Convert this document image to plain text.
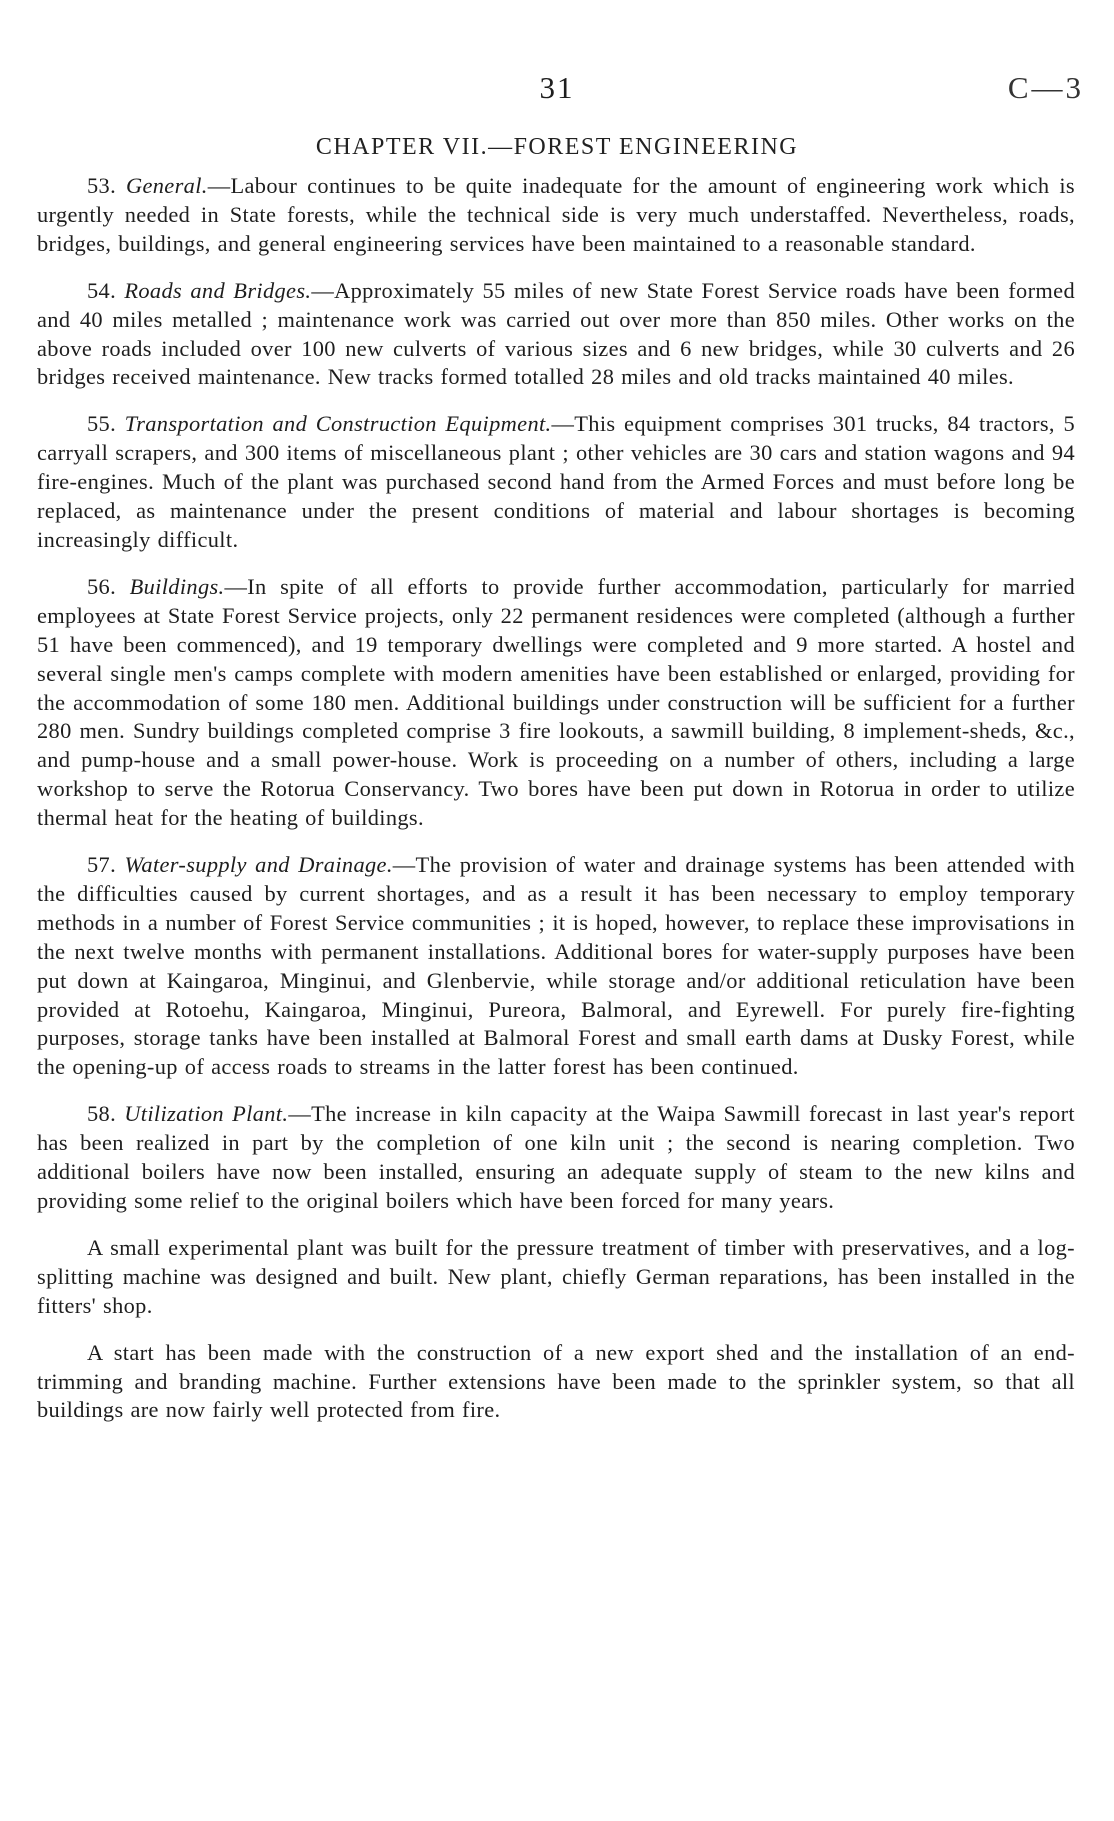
31	C—3
CHAPTER VII.—FOREST ENGINEERING

53. General.—Labour continues to be quite inadequate for the amount of engineering work which is urgently needed in State forests, while the technical side is very much understaffed. Nevertheless, roads, bridges, buildings, and general engineering services have been maintained to a reasonable standard.

54. Roads and Bridges.—Approximately 55 miles of new State Forest Service roads have been formed and 40 miles metalled ; maintenance work was carried out over more than 850 miles. Other works on the above roads included over 100 new culverts of various sizes and 6 new bridges, while 30 culverts and 26 bridges received maintenance. New tracks formed totalled 28 miles and old tracks maintained 40 miles.

55. Transportation and Construction Equipment.—This equipment comprises 301 trucks, 84 tractors, 5 carryall scrapers, and 300 items of miscellaneous plant ; other vehicles are 30 cars and station wagons and 94 fire-engines. Much of the plant was purchased second hand from the Armed Forces and must before long be replaced, as maintenance under the present conditions of material and labour shortages is becoming increasingly difficult.

56. Buildings.—In spite of all efforts to provide further accommodation, particularly for married employees at State Forest Service projects, only 22 permanent residences were completed (although a further 51 have been commenced), and 19 temporary dwellings were completed and 9 more started. A hostel and several single men's camps complete with modern amenities have been established or enlarged, providing for the accommodation of some 180 men. Additional buildings under construction will be sufficient for a further 280 men. Sundry buildings completed comprise 3 fire lookouts, a sawmill building, 8 implement-sheds, &c., and pump-house and a small power-house. Work is proceeding on a number of others, including a large workshop to serve the Rotorua Conservancy. Two bores have been put down in Rotorua in order to utilize thermal heat for the heating of buildings.

57. Water-supply and Drainage.—The provision of water and drainage systems has been attended with the difficulties caused by current shortages, and as a result it has been necessary to employ temporary methods in a number of Forest Service communities ; it is hoped, however, to replace these improvisations in the next twelve months with permanent installations. Additional bores for water-supply purposes have been put down at Kaingaroa, Minginui, and Glenbervie, while storage and/or additional reticulation have been provided at Rotoehu, Kaingaroa, Minginui, Pureora, Balmoral, and Eyrewell. For purely fire-fighting purposes, storage tanks have been installed at Balmoral Forest and small earth dams at Dusky Forest, while the opening-up of access roads to streams in the latter forest has been continued.

58. Utilization Plant.—The increase in kiln capacity at the Waipa Sawmill forecast in last year's report has been realized in part by the completion of one kiln unit ; the second is nearing completion. Two additional boilers have now been installed, ensuring an adequate supply of steam to the new kilns and providing some relief to the original boilers which have been forced for many years.

A small experimental plant was built for the pressure treatment of timber with preservatives, and a log-splitting machine was designed and built. New plant, chiefly German reparations, has been installed in the fitters' shop.

A start has been made with the construction of a new export shed and the installation of an end-trimming and branding machine. Further extensions have been made to the sprinkler system, so that all buildings are now fairly well protected from fire.
